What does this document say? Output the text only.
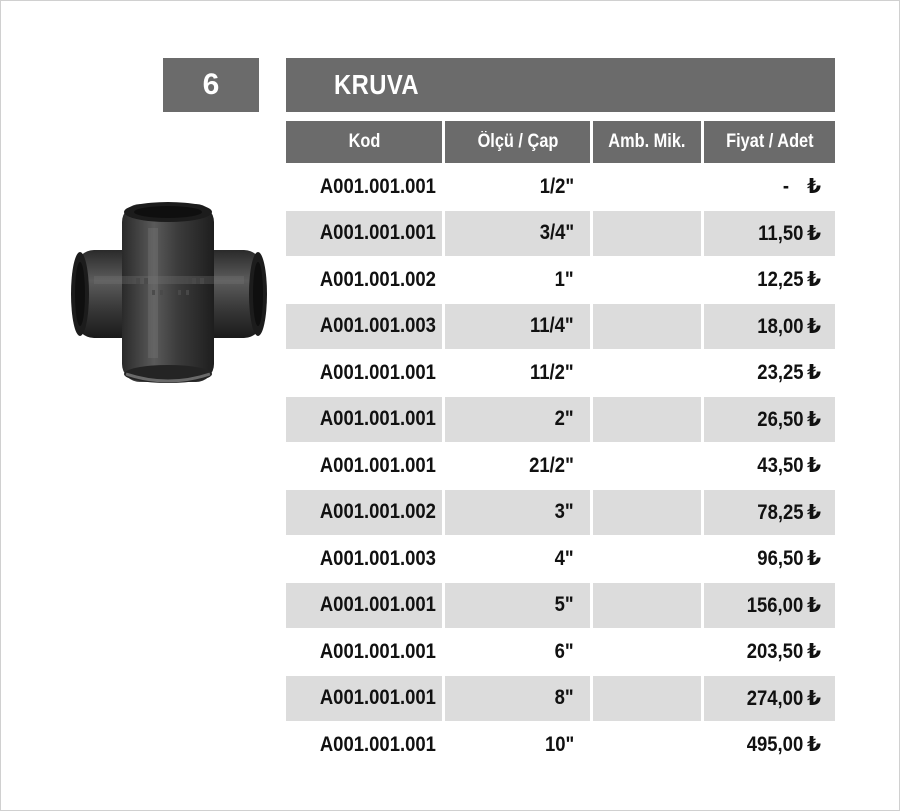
6	KRUVA
Kod	Ölçü / Çap	Amb. Mik.	Fiyat / Adet
A001.001.001	1/2"		- ₺
A001.001.001	3/4"		11,50 ₺
A001.001.002	1"		12,25 ₺
A001.001.003	11/4"		18,00 ₺
A001.001.001	11/2"		23,25 ₺
A001.001.001	2"		26,50 ₺
A001.001.001	21/2"		43,50 ₺
A001.001.002	3"		78,25 ₺
A001.001.003	4"		96,50 ₺
A001.001.001	5"		156,00 ₺
A001.001.001	6"		203,50 ₺
A001.001.001	8"		274,00 ₺
A001.001.001	10"		495,00 ₺
